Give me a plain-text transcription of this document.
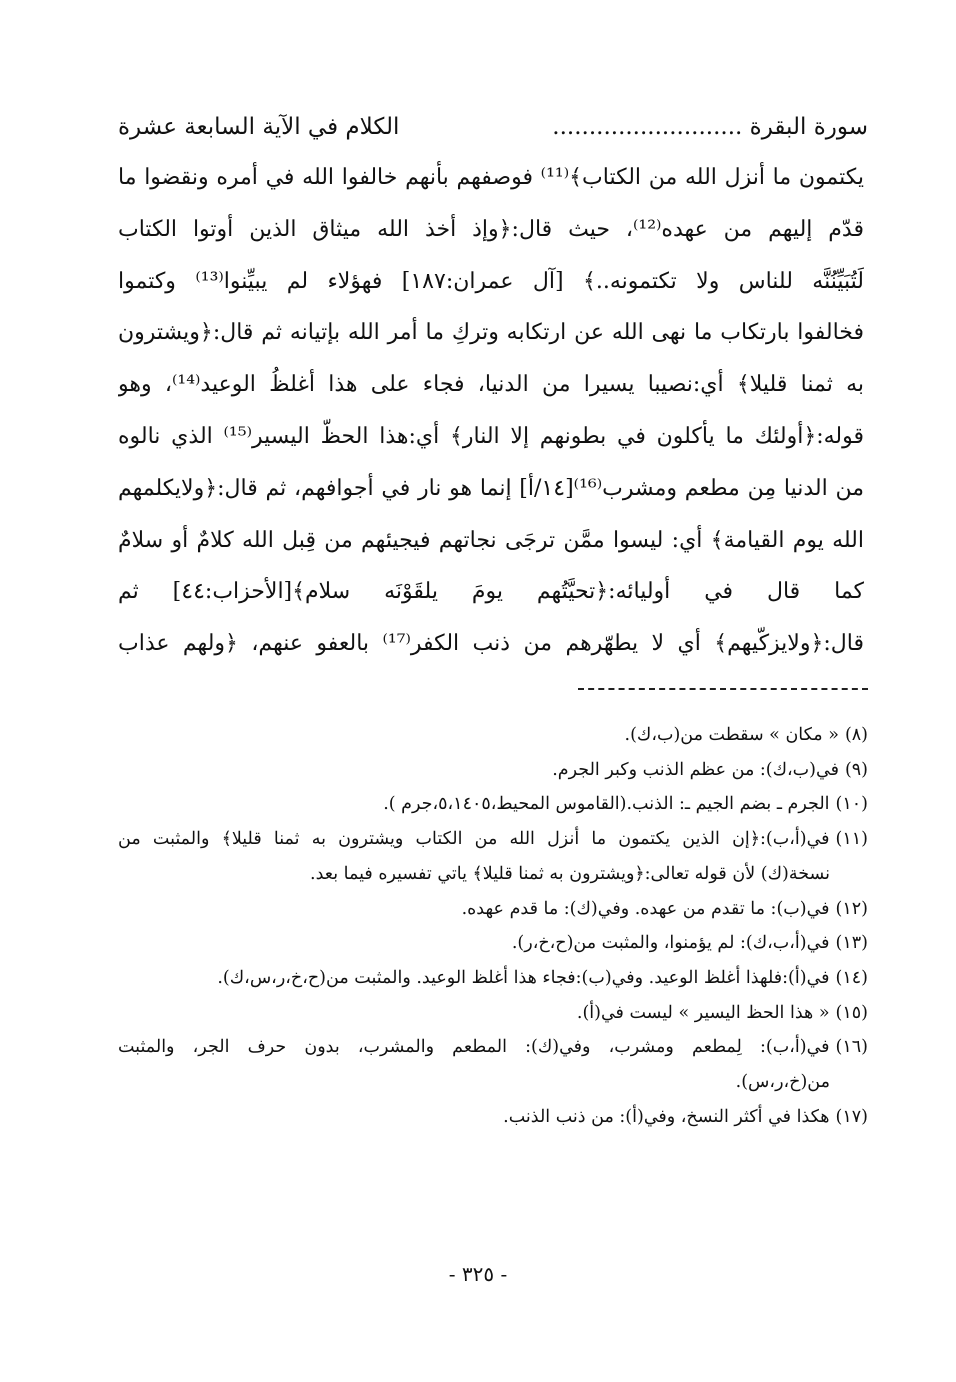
سورة البقرة ..........................
الكلام في الآية السابعة عشرة
يكتمون ما أنزل الله من الكتاب﴾⁽¹¹⁾ فوصفهم بأنهم خالفوا الله في أمره ونقضوا ما
قدّم إليهم من عهده⁽¹²⁾، حيث قال:﴿وإذ أخذ الله ميثاق الذين أوتوا الكتاب
لَتُبَيِّنُنَّه للناس ولا تكتمونه..﴾ [آل عمران:١٨٧] فهؤلاء لم يبيِّنوا⁽¹³⁾ وكتموا
فخالفوا بارتكاب ما نهى الله عن ارتكابه وتركِ ما أمر الله بإتيانه ثم قال:﴿ويشترون
به ثمنا قليلا﴾ أي:نصيبا يسيرا من الدنيا، فجاء على هذا أغلظُ الوعيد⁽¹⁴⁾، وهو
قوله:﴿أولئك ما يأكلون في بطونهم إلا النار﴾ أي:هذا الحظّ اليسير⁽¹⁵⁾ الذي نالوه
من الدنيا مِن مطعم ومشرب⁽¹⁶⁾[١٤/أ] إنما هو نار في أجوافهم، ثم قال:﴿ولايكلمهم
الله يوم القيامة﴾ أي: ليسوا ممَّن ترجَى نجاتهم فيجيئهم من قِبل الله كلامٌ أو سلامٌ
كما قال في أوليائه:﴿تحيَّتُهم يومَ يلقَوْنَه سلام﴾[الأحزاب:٤٤] ثم
قال:﴿ولايزكّيهم﴾ أي لا يطهّرهم من ذنب الكفر⁽¹⁷⁾ بالعفو عنهم، ﴿ولهم عذاب
(٨)« مكان » سقطت من(ب،ك).
(٩)في(ب،ك): من عظم الذنب وكبر الجرم.
(١٠)الجرم ـ بضم الجيم ـ: الذنب.(القاموس المحيط،٥،١٤٠٥،جرم ).
(١١)في(أ،ب):﴿إن الذين يكتمون ما أنزل الله من الكتاب ويشترون به ثمنا قليلا﴾ والمثبت من
نسخة(ك) لأن قوله تعالى:﴿ويشترون به ثمنا قليلا﴾ ياتي تفسيره فيما بعد.
(١٢)في(ب): ما تقدم من عهده. وفي(ك): ما قدم عهده.
(١٣)في(أ،ب،ك): لم يؤمنوا، والمثبت من(ح،خ،ر).
(١٤)في(أ):فلهذا أغلظ الوعيد. وفي(ب):فجاء هذا أغلظ الوعيد. والمثبت من(ح،خ،ر،س،ك).
(١٥)« هذا الحظ اليسير » ليست في(أ).
(١٦)في(أ،ب): لِمطعم ومشرب، وفي(ك): المطعم والمشرب، بدون حرف الجر، والمثبت
من(خ،ر،س).
(١٧)هكذا في أكثر النسخ، وفي(أ): من ذنب الذنب.
- ٣٢٥ -
